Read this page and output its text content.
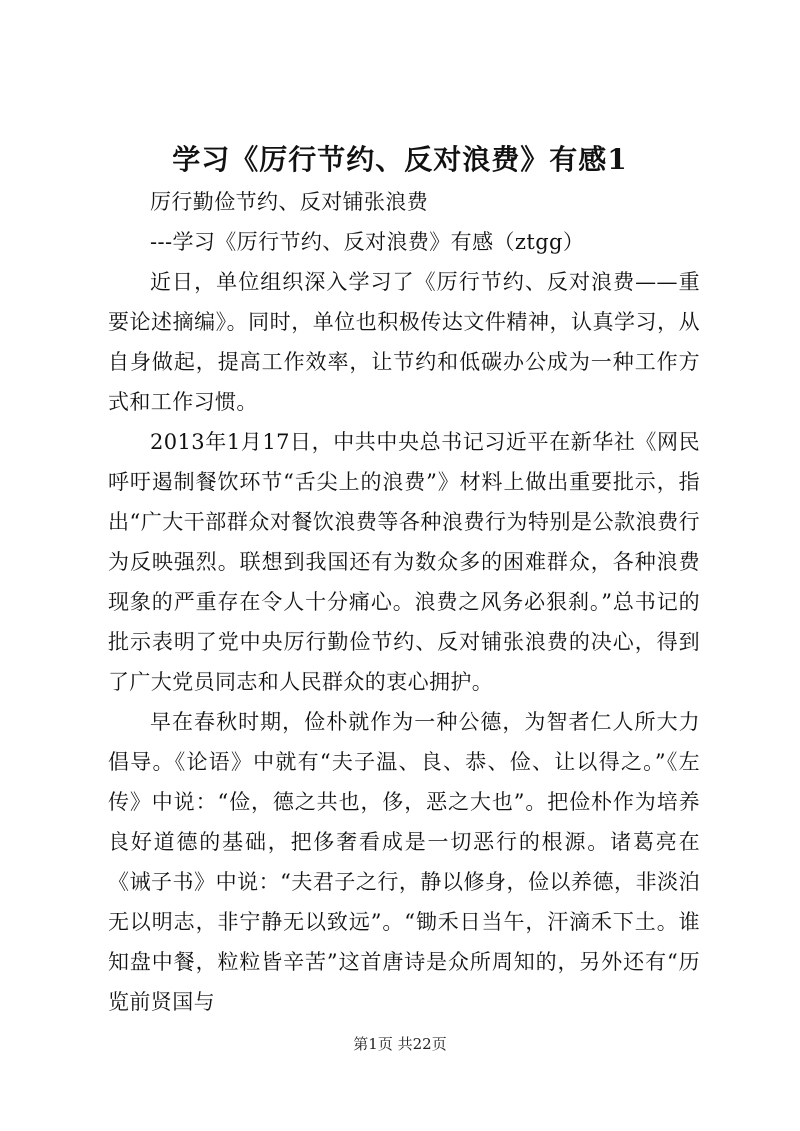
学习《厉行节约、反对浪费》有感1

厉行勤俭节约、反对铺张浪费

---学习《厉行节约、反对浪费》有感（ztgg）

近日，单位组织深入学习了《厉行节约、反对浪费——重要论述摘编》。同时，单位也积极传达文件精神，认真学习，从自身做起，提高工作效率，让节约和低碳办公成为一种工作方式和工作习惯。

2013年1月17日，中共中央总书记习近平在新华社《网民呼吁遏制餐饮环节“舌尖上的浪费”》材料上做出重要批示，指出“广大干部群众对餐饮浪费等各种浪费行为特别是公款浪费行为反映强烈。联想到我国还有为数众多的困难群众，各种浪费现象的严重存在令人十分痛心。浪费之风务必狠刹。”总书记的批示表明了党中央厉行勤俭节约、反对铺张浪费的决心，得到了广大党员同志和人民群众的衷心拥护。

早在春秋时期，俭朴就作为一种公德，为智者仁人所大力倡导。《论语》中就有“夫子温、良、恭、俭、让以得之。”《左传》中说：“俭，德之共也，侈，恶之大也”。把俭朴作为培养良好道德的基础，把侈奢看成是一切恶行的根源。诸葛亮在《诫子书》中说：“夫君子之行，静以修身，俭以养德，非淡泊无以明志，非宁静无以致远”。“锄禾日当午，汗滴禾下土。谁知盘中餐，粒粒皆辛苦”这首唐诗是众所周知的，另外还有“历览前贤国与

第1页 共22页
